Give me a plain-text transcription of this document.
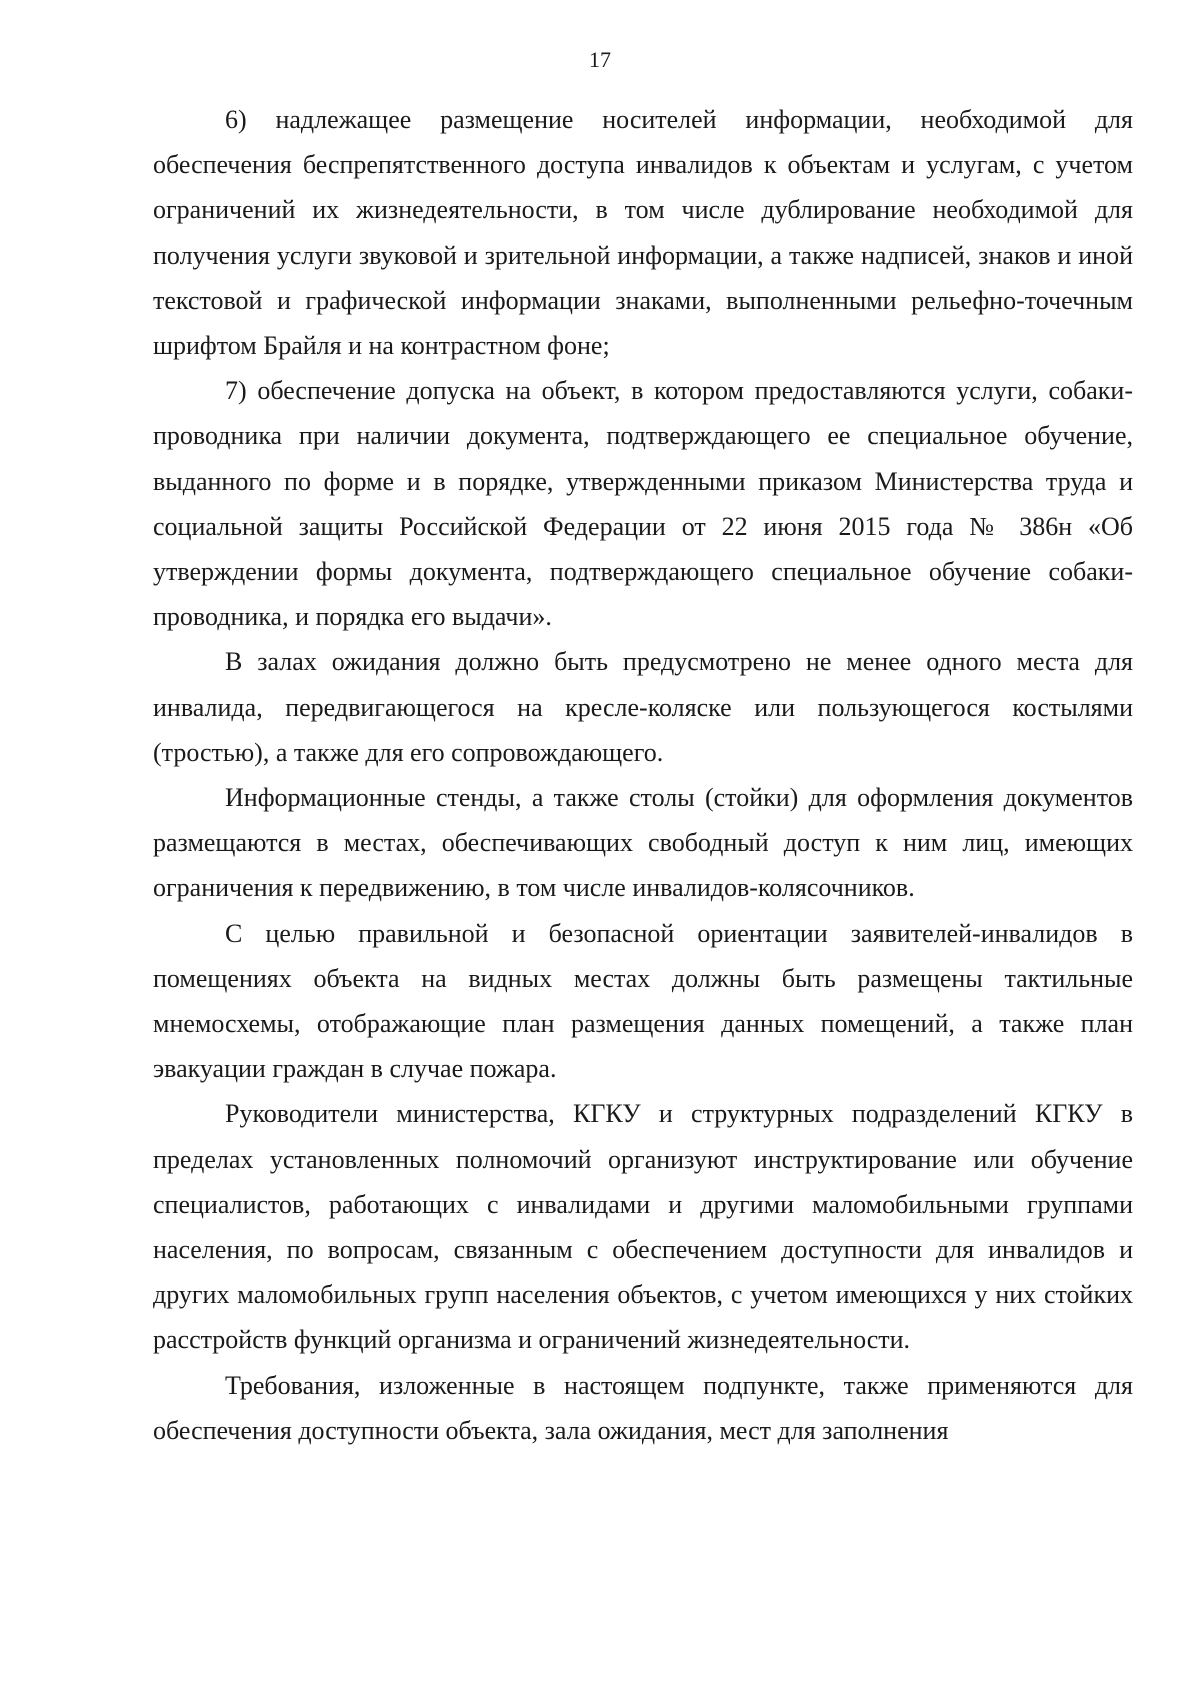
17

6) надлежащее размещение носителей информации, необходимой для обеспечения беспрепятственного доступа инвалидов к объектам и услугам, с учетом ограничений их жизнедеятельности, в том числе дублирование необходимой для получения услуги звуковой и зрительной информации, а также надписей, знаков и иной текстовой и графической информации знаками, выполненными рельефно-точечным шрифтом Брайля и на контрастном фоне;

7) обеспечение допуска на объект, в котором предоставляются услуги, собаки-проводника при наличии документа, подтверждающего ее специальное обучение, выданного по форме и в порядке, утвержденными приказом Министерства труда и социальной защиты Российской Федерации от 22 июня 2015 года № 386н «Об утверждении формы документа, подтверждающего специальное обучение собаки-проводника, и порядка его выдачи».

В залах ожидания должно быть предусмотрено не менее одного места для инвалида, передвигающегося на кресле-коляске или пользующегося костылями (тростью), а также для его сопровождающего.

Информационные стенды, а также столы (стойки) для оформления документов размещаются в местах, обеспечивающих свободный доступ к ним лиц, имеющих ограничения к передвижению, в том числе инвалидов-колясочников.

С целью правильной и безопасной ориентации заявителей-инвалидов в помещениях объекта на видных местах должны быть размещены тактильные мнемосхемы, отображающие план размещения данных помещений, а также план эвакуации граждан в случае пожара.

Руководители министерства, КГКУ и структурных подразделений КГКУ в пределах установленных полномочий организуют инструктирование или обучение специалистов, работающих с инвалидами и другими маломобильными группами населения, по вопросам, связанным с обеспечением доступности для инвалидов и других маломобильных групп населения объектов, с учетом имеющихся у них стойких расстройств функций организма и ограничений жизнедеятельности.

Требования, изложенные в настоящем подпункте, также применяются для обеспечения доступности объекта, зала ожидания, мест для заполнения
